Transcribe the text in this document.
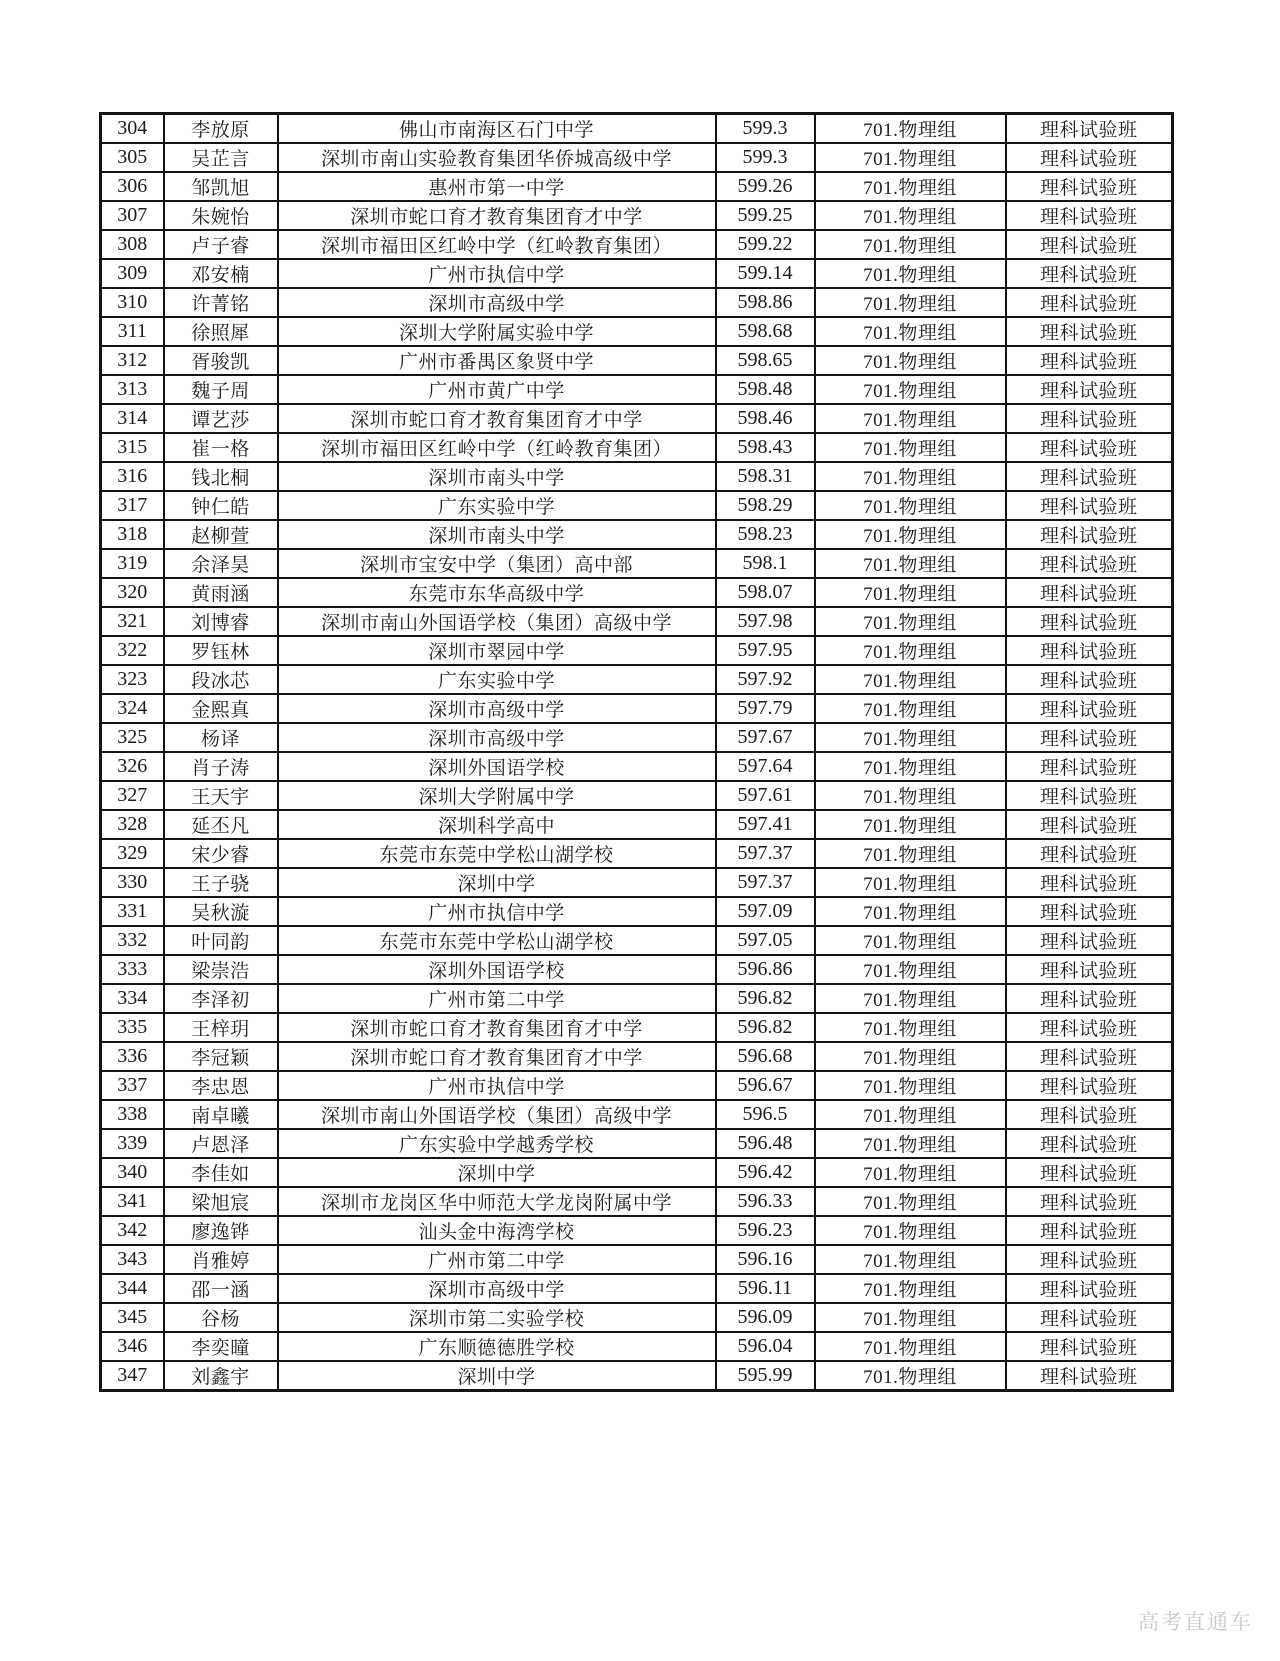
304	李放原	佛山市南海区石门中学	599.3	701.物理组	理科试验班
305	吴芷言	深圳市南山实验教育集团华侨城高级中学	599.3	701.物理组	理科试验班
306	邹凯旭	惠州市第一中学	599.26	701.物理组	理科试验班
307	朱婉怡	深圳市蛇口育才教育集团育才中学	599.25	701.物理组	理科试验班
308	卢子睿	深圳市福田区红岭中学（红岭教育集团）	599.22	701.物理组	理科试验班
309	邓安楠	广州市执信中学	599.14	701.物理组	理科试验班
310	许菁铭	深圳市高级中学	598.86	701.物理组	理科试验班
311	徐照犀	深圳大学附属实验中学	598.68	701.物理组	理科试验班
312	胥骏凯	广州市番禺区象贤中学	598.65	701.物理组	理科试验班
313	魏子周	广州市黄广中学	598.48	701.物理组	理科试验班
314	谭艺莎	深圳市蛇口育才教育集团育才中学	598.46	701.物理组	理科试验班
315	崔一格	深圳市福田区红岭中学（红岭教育集团）	598.43	701.物理组	理科试验班
316	钱北桐	深圳市南头中学	598.31	701.物理组	理科试验班
317	钟仁皓	广东实验中学	598.29	701.物理组	理科试验班
318	赵柳萱	深圳市南头中学	598.23	701.物理组	理科试验班
319	余泽昊	深圳市宝安中学（集团）高中部	598.1	701.物理组	理科试验班
320	黄雨涵	东莞市东华高级中学	598.07	701.物理组	理科试验班
321	刘博睿	深圳市南山外国语学校（集团）高级中学	597.98	701.物理组	理科试验班
322	罗钰林	深圳市翠园中学	597.95	701.物理组	理科试验班
323	段冰芯	广东实验中学	597.92	701.物理组	理科试验班
324	金熙真	深圳市高级中学	597.79	701.物理组	理科试验班
325	杨译	深圳市高级中学	597.67	701.物理组	理科试验班
326	肖子涛	深圳外国语学校	597.64	701.物理组	理科试验班
327	王天宇	深圳大学附属中学	597.61	701.物理组	理科试验班
328	延丕凡	深圳科学高中	597.41	701.物理组	理科试验班
329	宋少睿	东莞市东莞中学松山湖学校	597.37	701.物理组	理科试验班
330	王子骁	深圳中学	597.37	701.物理组	理科试验班
331	吴秋漩	广州市执信中学	597.09	701.物理组	理科试验班
332	叶同韵	东莞市东莞中学松山湖学校	597.05	701.物理组	理科试验班
333	梁崇浩	深圳外国语学校	596.86	701.物理组	理科试验班
334	李泽初	广州市第二中学	596.82	701.物理组	理科试验班
335	王梓玥	深圳市蛇口育才教育集团育才中学	596.82	701.物理组	理科试验班
336	李冠颖	深圳市蛇口育才教育集团育才中学	596.68	701.物理组	理科试验班
337	李忠恩	广州市执信中学	596.67	701.物理组	理科试验班
338	南卓曦	深圳市南山外国语学校（集团）高级中学	596.5	701.物理组	理科试验班
339	卢恩泽	广东实验中学越秀学校	596.48	701.物理组	理科试验班
340	李佳如	深圳中学	596.42	701.物理组	理科试验班
341	梁旭宸	深圳市龙岗区华中师范大学龙岗附属中学	596.33	701.物理组	理科试验班
342	廖逸铧	汕头金中海湾学校	596.23	701.物理组	理科试验班
343	肖雅婷	广州市第二中学	596.16	701.物理组	理科试验班
344	邵一涵	深圳市高级中学	596.11	701.物理组	理科试验班
345	谷杨	深圳市第二实验学校	596.09	701.物理组	理科试验班
346	李奕曈	广东顺德德胜学校	596.04	701.物理组	理科试验班
347	刘鑫宇	深圳中学	595.99	701.物理组	理科试验班
高考直通车
